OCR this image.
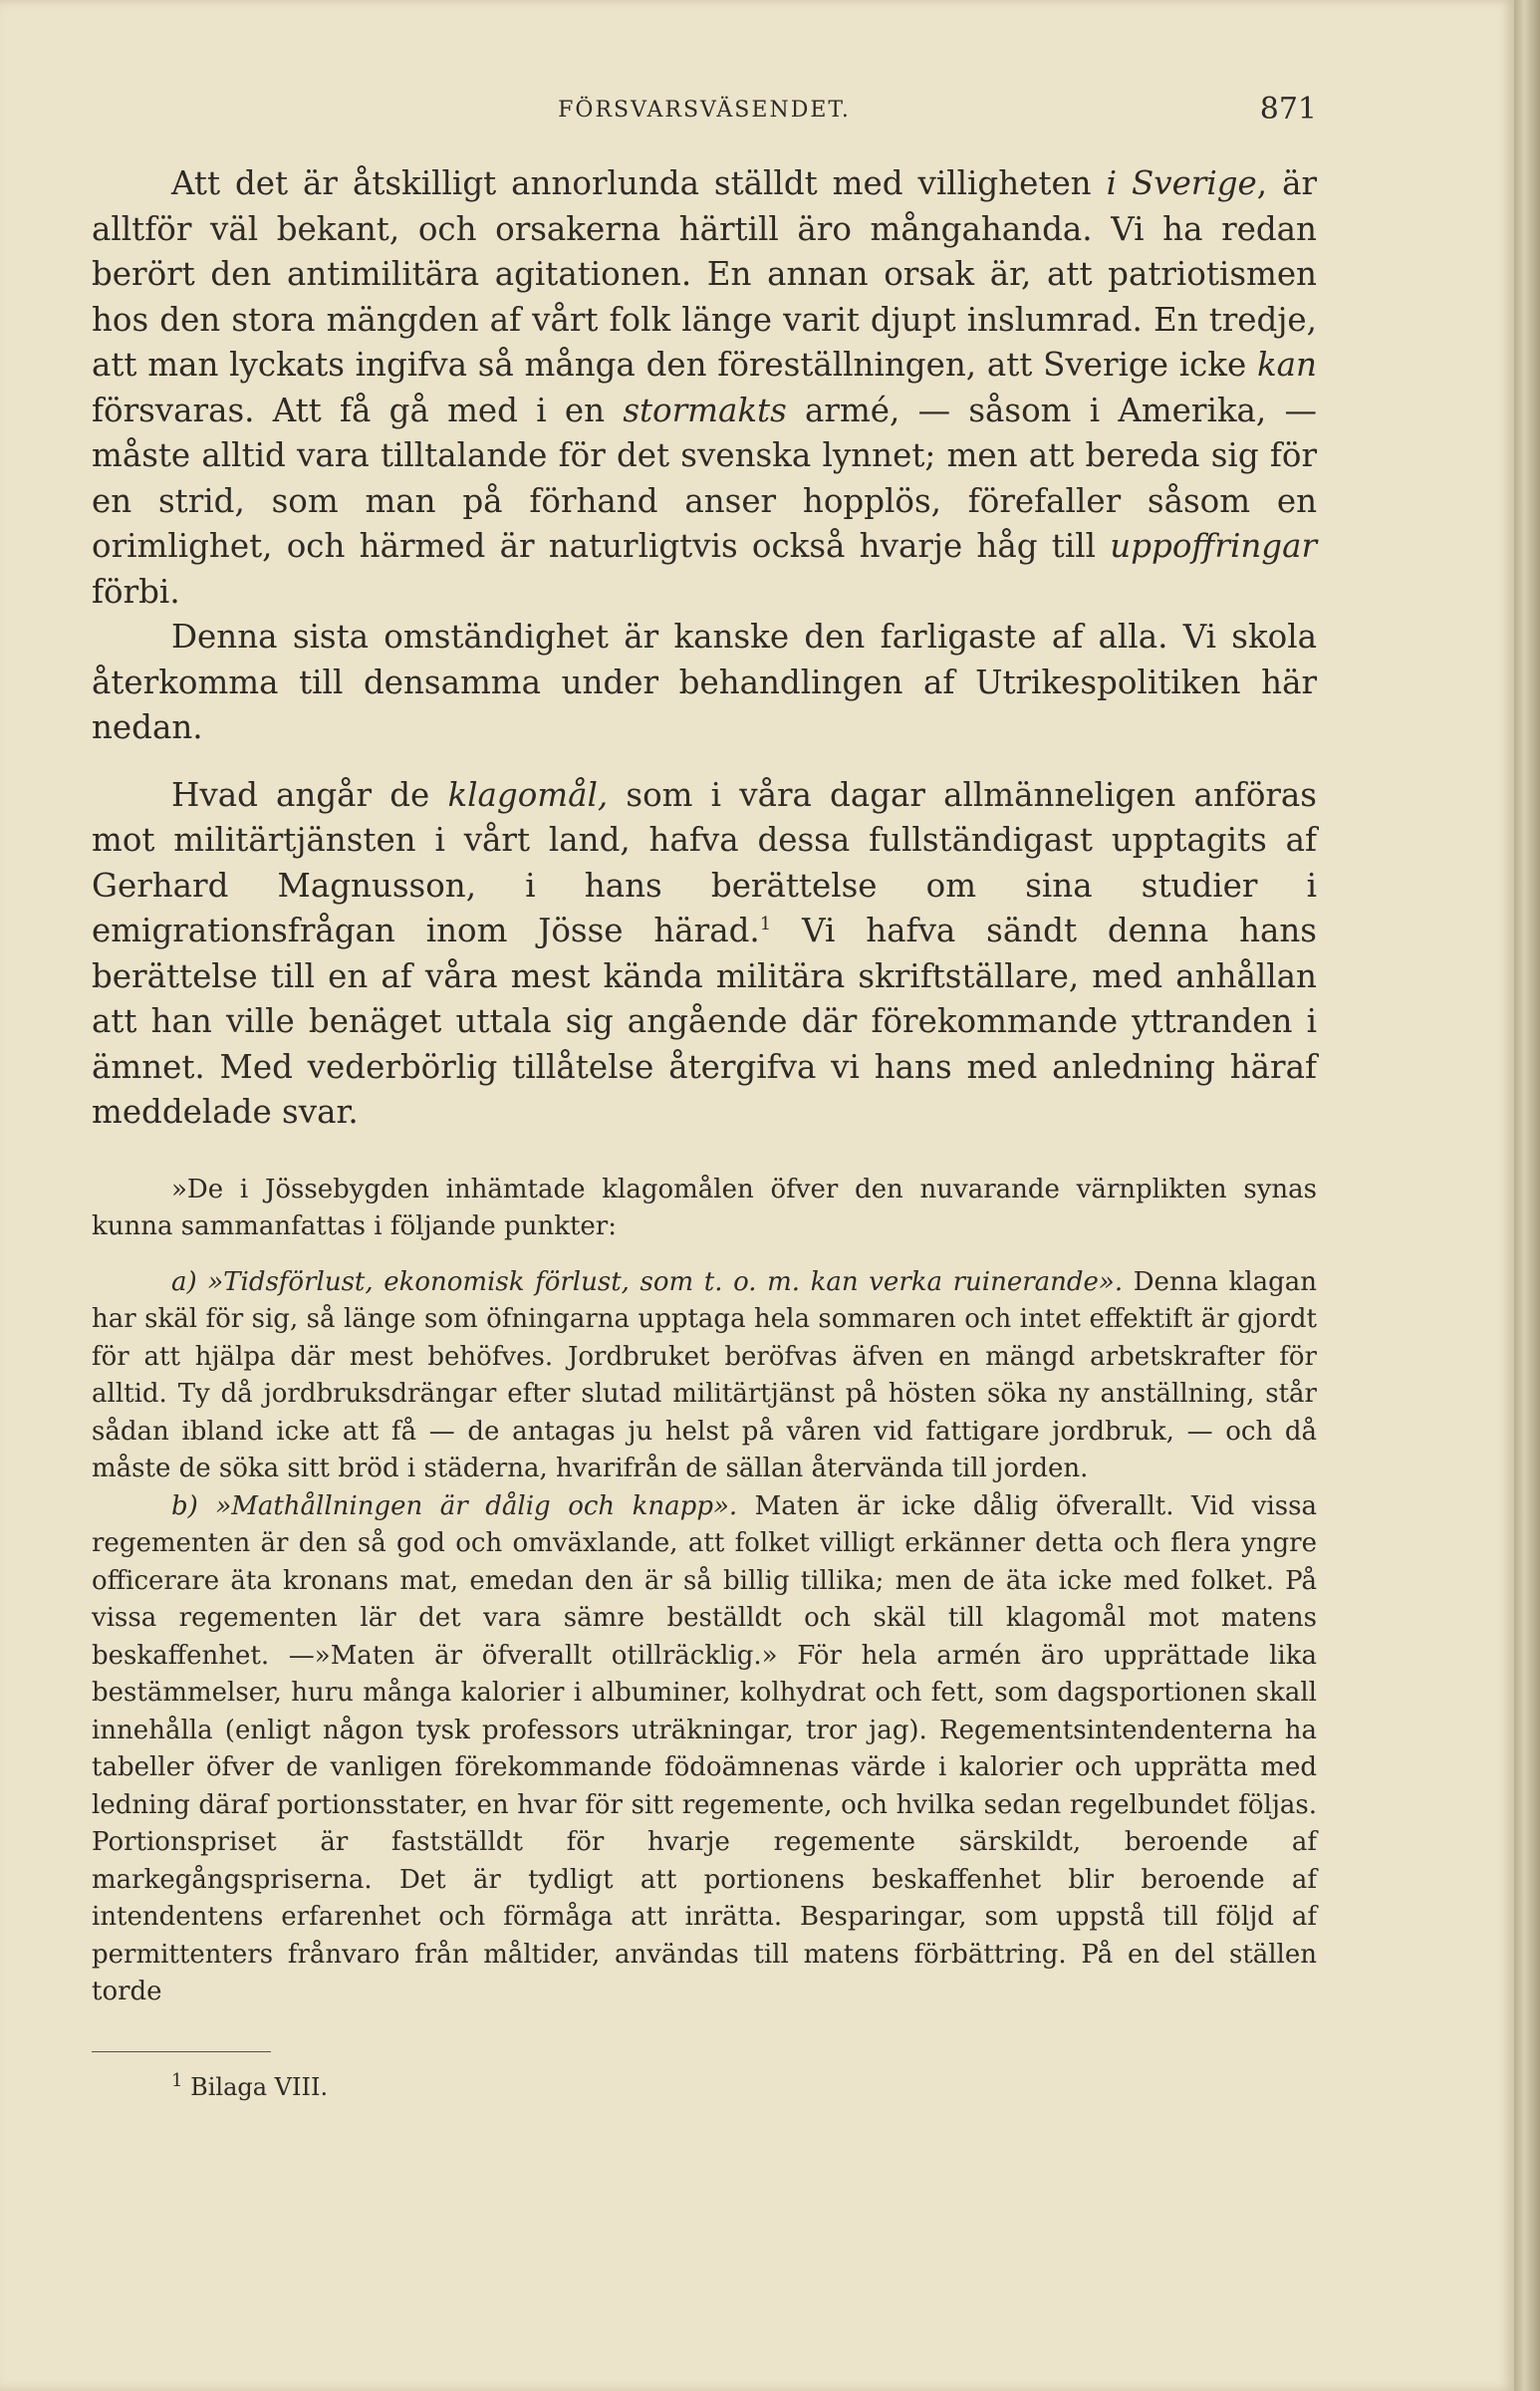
FÖRSVARSVÄSENDET.	871

Att det är åtskilligt annorlunda ställdt med villigheten i Sverige, är alltför väl bekant, och orsakerna härtill äro mångahanda. Vi ha redan berört den antimilitära agitationen. En annan orsak är, att patriotismen hos den stora mängden af vårt folk länge varit djupt inslumrad. En tredje, att man lyckats ingifva så många den föreställningen, att Sverige icke kan försvaras. Att få gå med i en stormakts armé, — såsom i Amerika, — måste alltid vara tilltalande för det svenska lynnet; men att bereda sig för en strid, som man på förhand anser hopplös, förefaller såsom en orimlighet, och härmed är naturligtvis också hvarje håg till uppoffringar förbi.

Denna sista omständighet är kanske den farligaste af alla. Vi skola återkomma till densamma under behandlingen af Utrikespolitiken här nedan.

Hvad angår de klagomål, som i våra dagar allmänneligen anföras mot militärtjänsten i vårt land, hafva dessa fullständigast upptagits af Gerhard Magnusson, i hans berättelse om sina studier i emigrationsfrågan inom Jösse härad.$^1$ Vi hafva sändt denna hans berättelse till en af våra mest kända militära skriftställare, med anhållan att han ville benäget uttala sig angående där förekommande yttranden i ämnet. Med vederbörlig tillåtelse återgifva vi hans med anledning häraf meddelade svar.

»De i Jössebygden inhämtade klagomålen öfver den nuvarande värnplikten synas kunna sammanfattas i följande punkter:

a) »Tidsförlust, ekonomisk förlust, som t. o. m. kan verka ruinerande». Denna klagan har skäl för sig, så länge som öfningarna upptaga hela sommaren och intet effektift är gjordt för att hjälpa där mest behöfves. Jordbruket beröfvas äfven en mängd arbetskrafter för alltid. Ty då jordbruksdrängar efter slutad militärtjänst på hösten söka ny anställning, står sådan ibland icke att få — de antagas ju helst på våren vid fattigare jordbruk, — och då måste de söka sitt bröd i städerna, hvarifrån de sällan återvända till jorden.

b) »Mathållningen är dålig och knapp». Maten är icke dålig öfverallt. Vid vissa regementen är den så god och omväxlande, att folket villigt erkänner detta och flera yngre officerare äta kronans mat, emedan den är så billig tillika; men de äta icke med folket. På vissa regementen lär det vara sämre beställdt och skäl till klagomål mot matens beskaffenhet. —»Maten är öfverallt otillräcklig.» För hela armén äro upprättade lika bestämmelser, huru många kalorier i albuminer, kolhydrat och fett, som dagsportionen skall innehålla (enligt någon tysk professors uträkningar, tror jag). Regementsintendenterna ha tabeller öfver de vanligen förekommande födoämnenas värde i kalorier och upprätta med ledning däraf portionsstater, en hvar för sitt regemente, och hvilka sedan regelbundet följas. Portionspriset är fastställdt för hvarje regemente särskildt, beroende af markegångspriserna. Det är tydligt att portionens beskaffenhet blir beroende af intendentens erfarenhet och förmåga att inrätta. Besparingar, som uppstå till följd af permittenters frånvaro från måltider, användas till matens förbättring. På en del ställen torde

$^1$ Bilaga VIII.
